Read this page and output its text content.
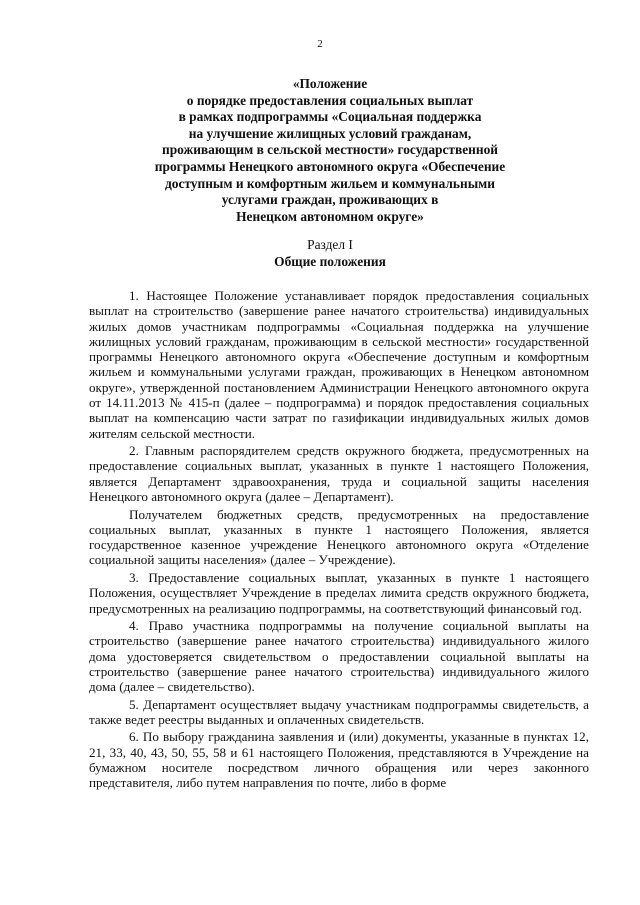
2
«Положение
о порядке предоставления социальных выплат
в рамках подпрограммы «Социальная поддержка
на улучшение жилищных условий гражданам,
проживающим в сельской местности» государственной
программы Ненецкого автономного округа «Обеспечение
доступным и комфортным жильем и коммунальными
услугами граждан, проживающих в
Ненецком автономном округе»
Раздел I
Общие положения

1. Настоящее Положение устанавливает порядок предоставления социальных выплат на строительство (завершение ранее начатого строительства) индивидуальных жилых домов участникам подпрограммы «Социальная поддержка на улучшение жилищных условий гражданам, проживающим в сельской местности» государственной программы Ненецкого автономного округа «Обеспечение доступным и комфортным жильем и коммунальными услугами граждан, проживающих в Ненецком автономном округе», утвержденной постановлением Администрации Ненецкого автономного округа от 14.11.2013 № 415-п (далее – подпрограмма) и порядок предоставления социальных выплат на компенсацию части затрат по газификации индивидуальных жилых домов жителям сельской местности.

2. Главным распорядителем средств окружного бюджета, предусмотренных на предоставление социальных выплат, указанных в пункте 1 настоящего Положения, является Департамент здравоохранения, труда и социальной защиты населения Ненецкого автономного округа (далее – Департамент).

Получателем бюджетных средств, предусмотренных на предоставление социальных выплат, указанных в пункте 1 настоящего Положения, является государственное казенное учреждение Ненецкого автономного округа «Отделение социальной защиты населения» (далее – Учреждение).

3. Предоставление социальных выплат, указанных в пункте 1 настоящего Положения, осуществляет Учреждение в пределах лимита средств окружного бюджета, предусмотренных на реализацию подпрограммы, на соответствующий финансовый год.

4. Право участника подпрограммы на получение социальной выплаты на строительство (завершение ранее начатого строительства) индивидуального жилого дома удостоверяется свидетельством о предоставлении социальной выплаты на строительство (завершение ранее начатого строительства) индивидуального жилого дома (далее – свидетельство).

5. Департамент осуществляет выдачу участникам подпрограммы свидетельств, а также ведет реестры выданных и оплаченных свидетельств.

6. По выбору гражданина заявления и (или) документы, указанные в пунктах 12, 21, 33, 40, 43, 50, 55, 58 и 61 настоящего Положения, представляются в Учреждение на бумажном носителе посредством личного обращения или через законного представителя, либо путем направления по почте, либо в форме
